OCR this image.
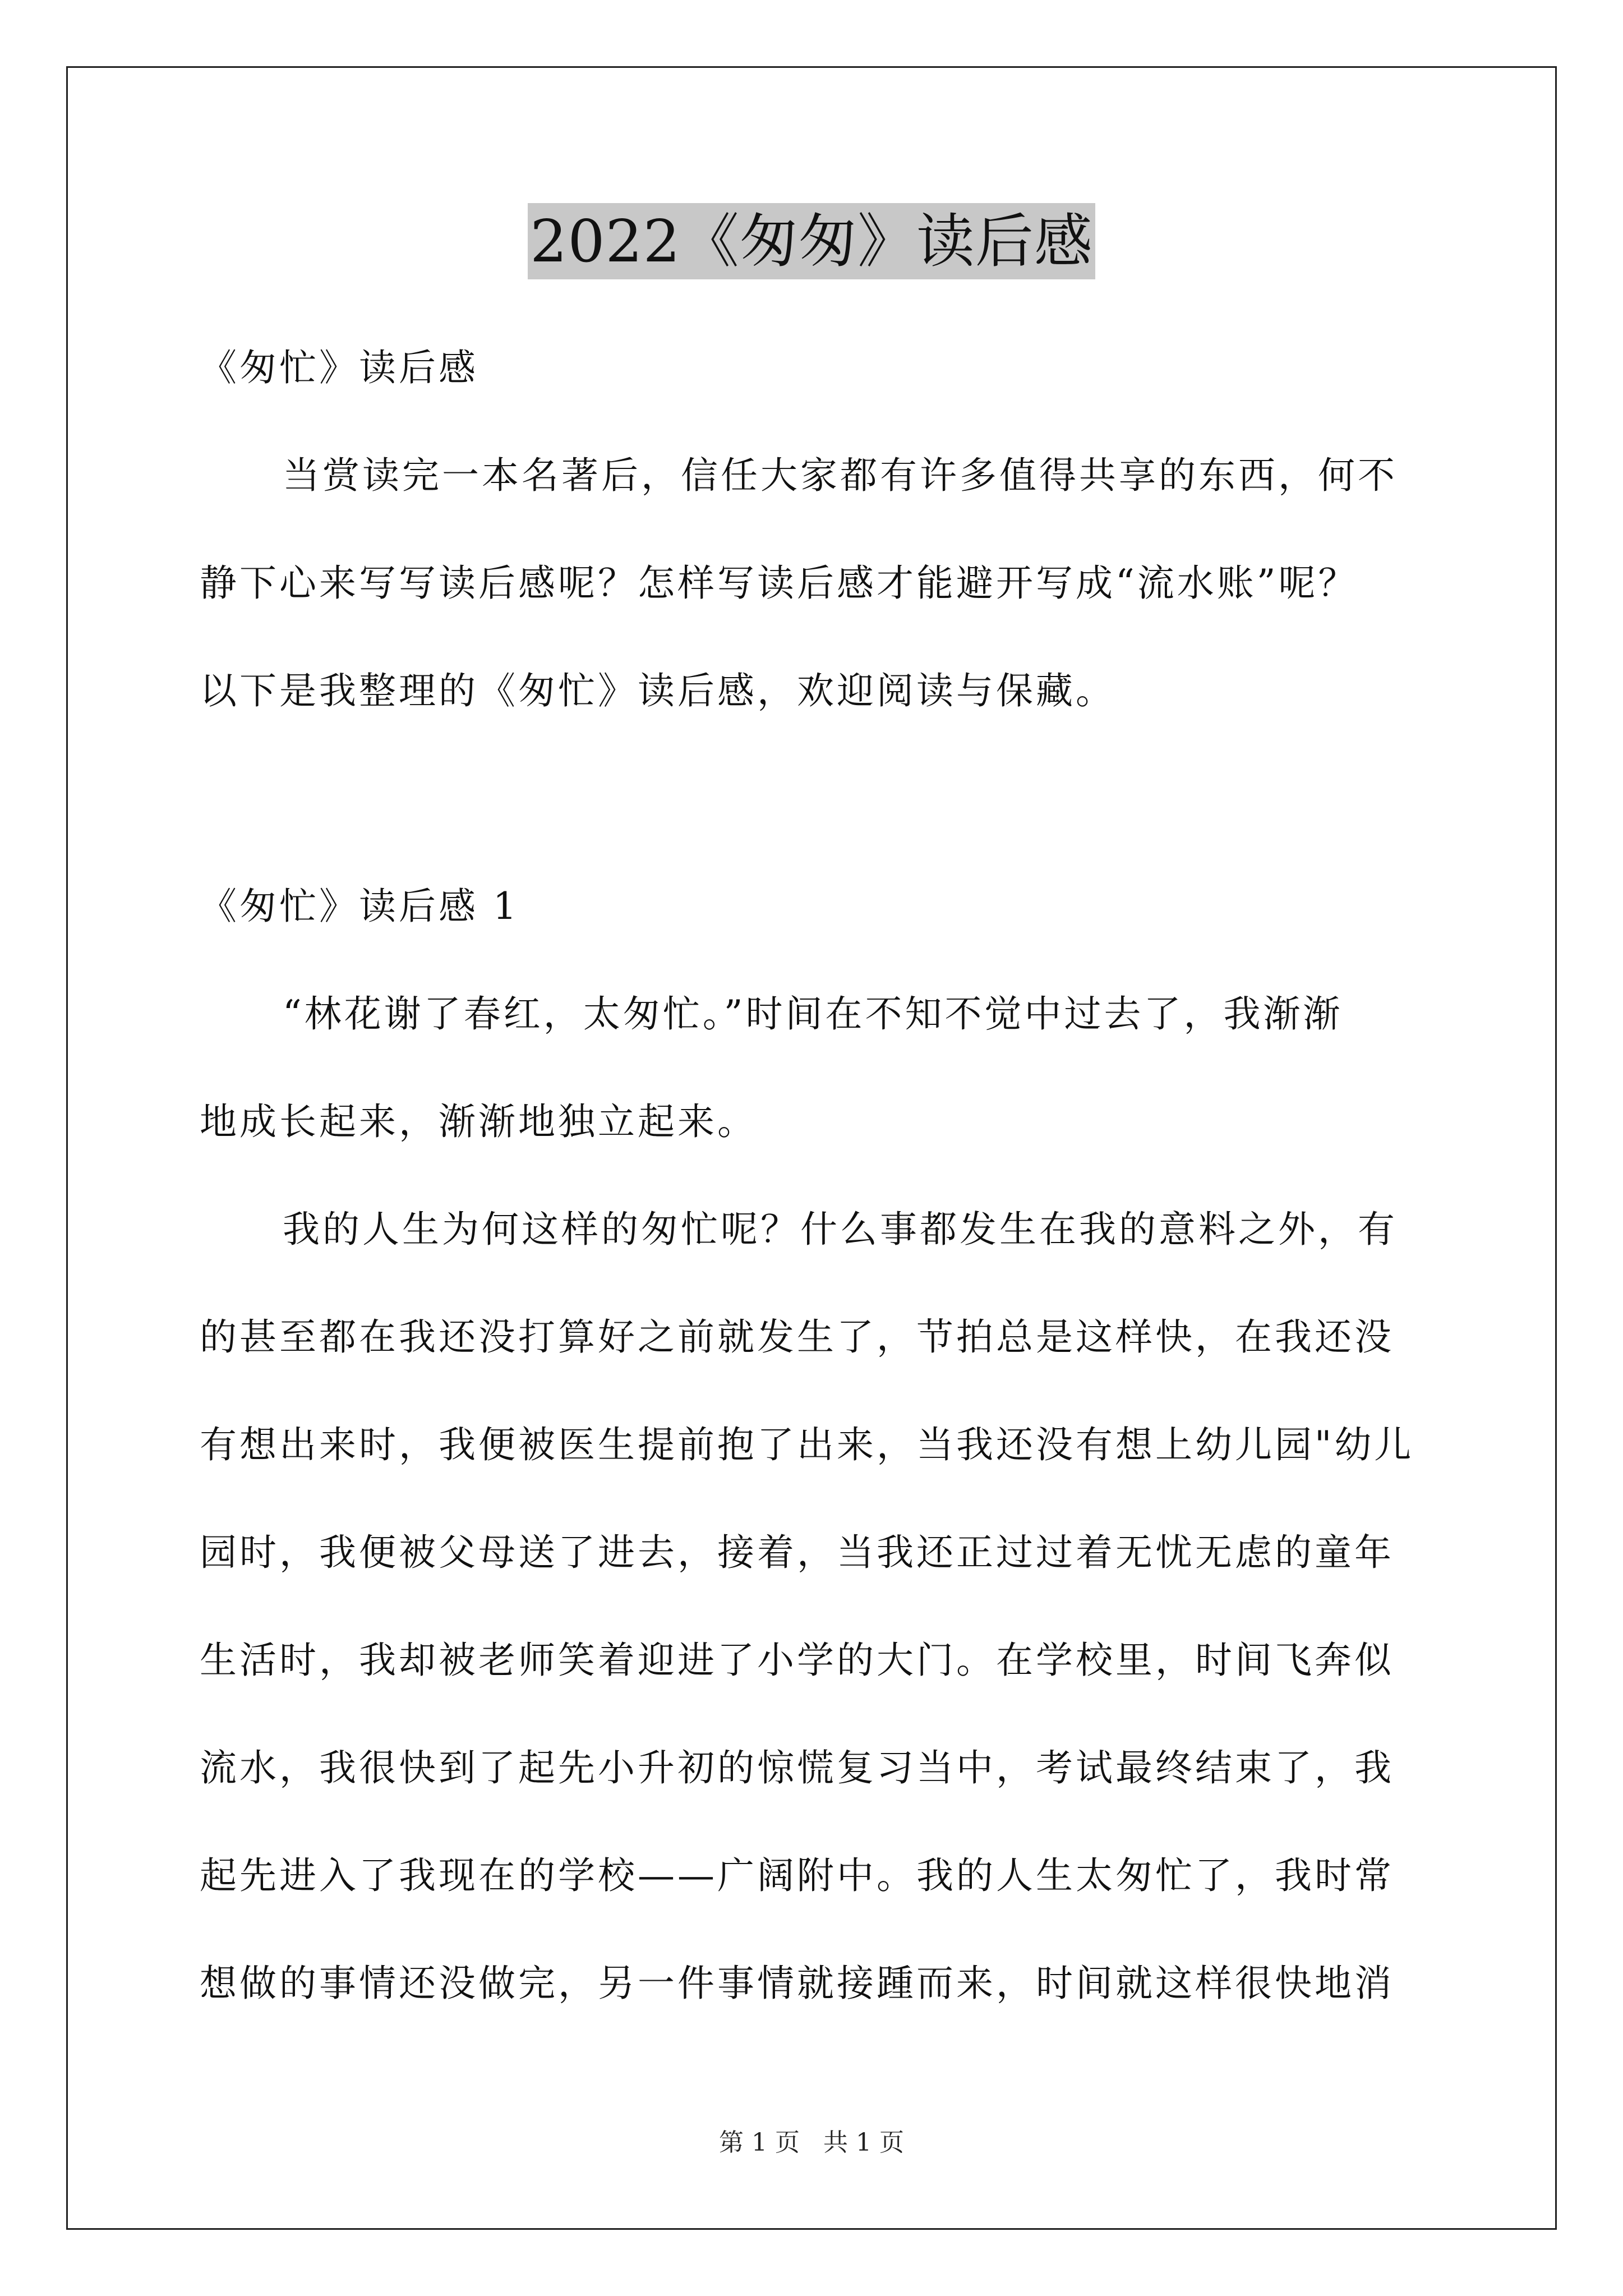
2022《匆匆》读后感
《匆忙》读后感
当赏读完一本名著后，信任大家都有许多值得共享的东西，何不
静下心来写写读后感呢？怎样写读后感才能避开写成“流水账”呢？
以下是我整理的《匆忙》读后感，欢迎阅读与保藏。
《匆忙》读后感 1
“林花谢了春红，太匆忙。”时间在不知不觉中过去了，我渐渐
地成长起来，渐渐地独立起来。
我的人生为何这样的匆忙呢？什么事都发生在我的意料之外，有
的甚至都在我还没打算好之前就发生了，节拍总是这样快，在我还没
有想出来时，我便被医生提前抱了出来，当我还没有想上幼儿园"幼儿
园时，我便被父母送了进去，接着，当我还正过过着无忧无虑的童年
生活时，我却被老师笑着迎进了小学的大门。在学校里，时间飞奔似
流水，我很快到了起先小升初的惊慌复习当中，考试最终结束了，我
起先进入了我现在的学校——广阔附中。我的人生太匆忙了，我时常
想做的事情还没做完，另一件事情就接踵而来，时间就这样很快地消
第 1 页 共 1 页
